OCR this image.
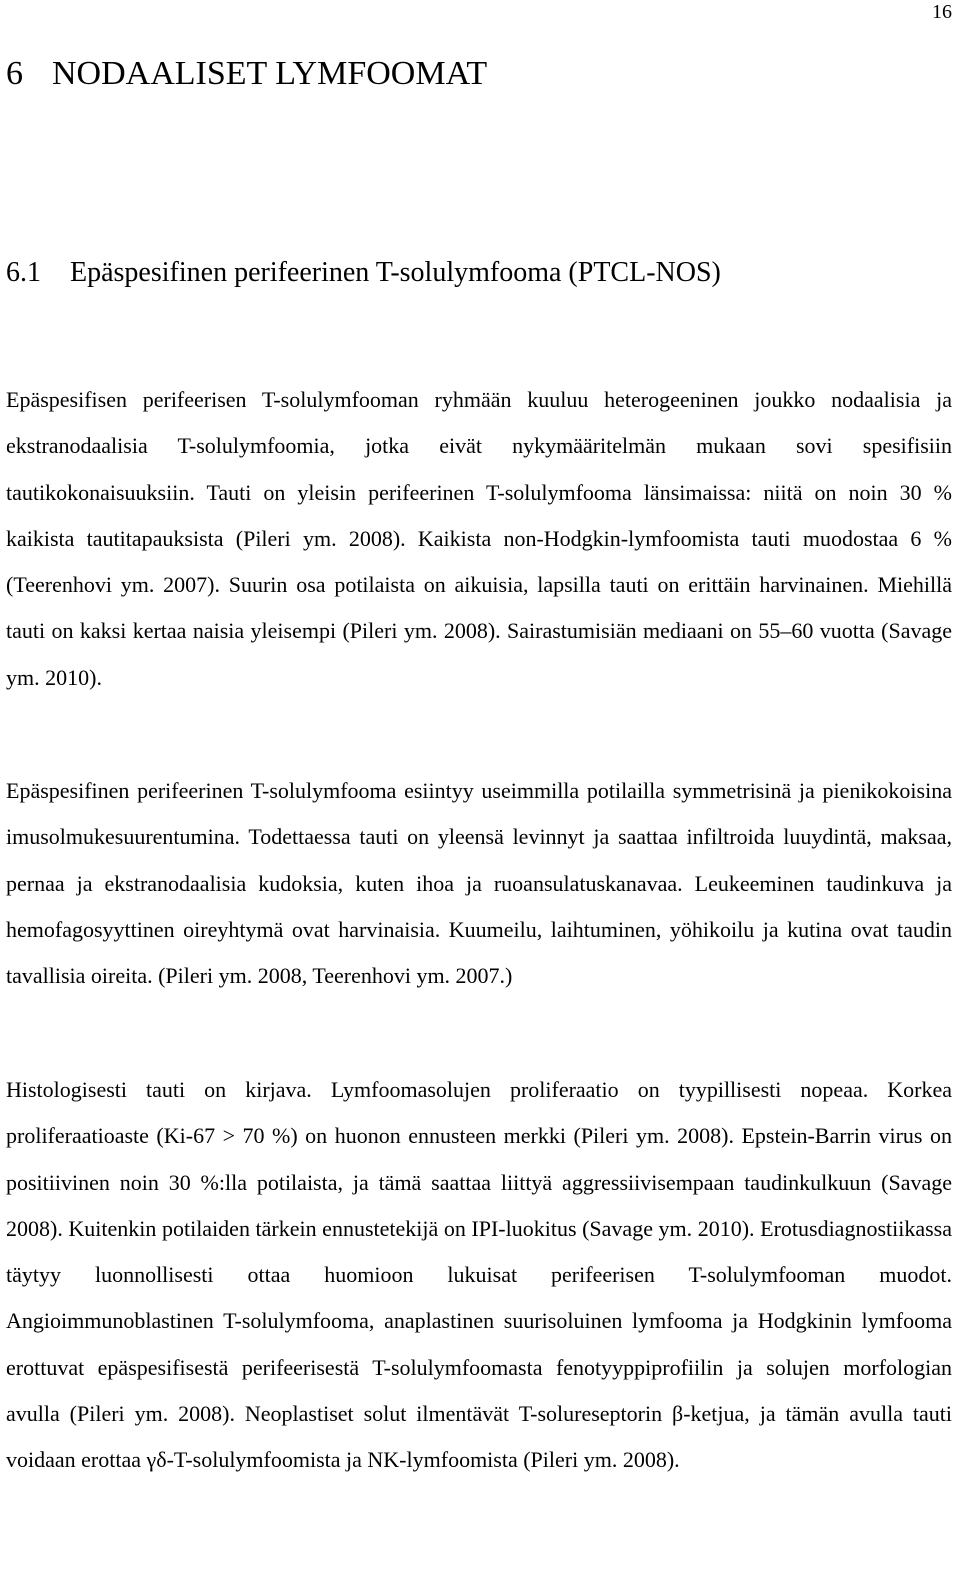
16
6 NODAALISET LYMFOOMAT
6.1 Epäspesifinen perifeerinen T-solulymfooma (PTCL-NOS)

Epäspesifisen perifeerisen T-solulymfooman ryhmään kuuluu heterogeeninen joukko nodaalisia ja ekstranodaalisia T-solulymfoomia, jotka eivät nykymääritelmän mukaan sovi spesifisiin tautikokonaisuuksiin. Tauti on yleisin perifeerinen T-solulymfooma länsimaissa: niitä on noin 30 % kaikista tautitapauksista (Pileri ym. 2008). Kaikista non-Hodgkin-lymfoomista tauti muodostaa 6 % (Teerenhovi ym. 2007). Suurin osa potilaista on aikuisia, lapsilla tauti on erittäin harvinainen. Miehillä tauti on kaksi kertaa naisia yleisempi (Pileri ym. 2008). Sairastumisiän mediaani on 55–60 vuotta (Savage ym. 2010).

Epäspesifinen perifeerinen T-solulymfooma esiintyy useimmilla potilailla symmetrisinä ja pienikokoisina imusolmukesuurentumina. Todettaessa tauti on yleensä levinnyt ja saattaa infiltroida luuydintä, maksaa, pernaa ja ekstranodaalisia kudoksia, kuten ihoa ja ruoansulatuskanavaa. Leukeeminen taudinkuva ja hemofagosyyttinen oireyhtymä ovat harvinaisia. Kuumeilu, laihtuminen, yöhikoilu ja kutina ovat taudin tavallisia oireita. (Pileri ym. 2008, Teerenhovi ym. 2007.)

Histologisesti tauti on kirjava. Lymfoomasolujen proliferaatio on tyypillisesti nopeaa. Korkea proliferaatioaste (Ki-67 > 70 %) on huonon ennusteen merkki (Pileri ym. 2008). Epstein-Barrin virus on positiivinen noin 30 %:lla potilaista, ja tämä saattaa liittyä aggressiivisempaan taudinkulkuun (Savage 2008). Kuitenkin potilaiden tärkein ennustetekijä on IPI-luokitus (Savage ym. 2010). Erotusdiagnostiikassa täytyy luonnollisesti ottaa huomioon lukuisat perifeerisen T-solulymfooman muodot. Angioimmunoblastinen T-solulymfooma, anaplastinen suurisoluinen lymfooma ja Hodgkinin lymfooma erottuvat epäspesifisestä perifeerisestä T-solulymfoomasta fenotyyppiprofiilin ja solujen morfologian avulla (Pileri ym. 2008). Neoplastiset solut ilmentävät T-solureseptorin β-ketjua, ja tämän avulla tauti voidaan erottaa γδ-T-solulymfoomista ja NK-lymfoomista (Pileri ym. 2008).
